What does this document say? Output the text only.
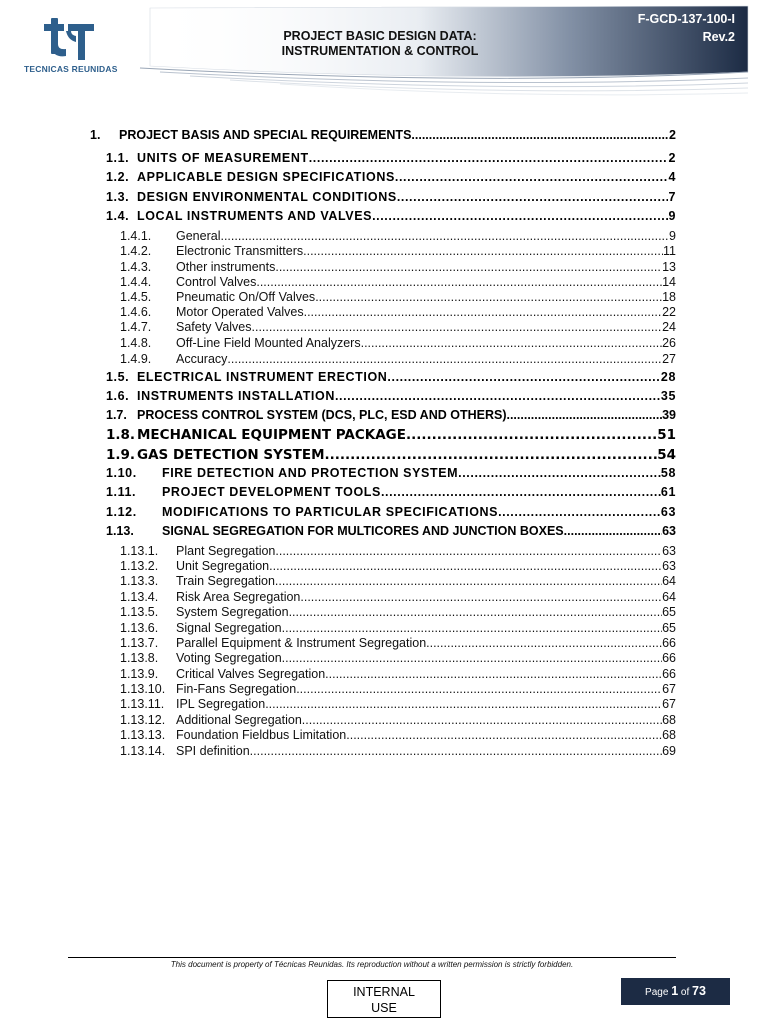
TECNICAS REUNIDAS
PROJECT BASIC DESIGN DATA:
INSTRUMENTATION & CONTROL
F-GCD-137-100-I
Rev.2
1.	PROJECT BASIS AND SPECIAL REQUIREMENTS .....	2
1.1. UNITS OF MEASUREMENT .....	2
1.2. APPLICABLE DESIGN SPECIFICATIONS .....	4
1.3. DESIGN ENVIRONMENTAL CONDITIONS .....	7
1.4. LOCAL INSTRUMENTS AND VALVES .....	9
1.4.1.	General .....	9
1.4.2.	Electronic Transmitters .....	11
1.4.3.	Other instruments .....	13
1.4.4.	Control Valves .....	14
1.4.5.	Pneumatic On/Off Valves .....	18
1.4.6.	Motor Operated Valves .....	22
1.4.7.	Safety Valves .....	24
1.4.8.	Off-Line Field Mounted Analyzers .....	26
1.4.9.	Accuracy .....	27
1.5. ELECTRICAL INSTRUMENT ERECTION .....	28
1.6. INSTRUMENTS INSTALLATION .....	35
1.7. PROCESS CONTROL SYSTEM (DCS, PLC, ESD AND OTHERS) .....	39
1.8. MECHANICAL EQUIPMENT PACKAGE .....	51
1.9. GAS DETECTION SYSTEM .....	54
1.10.	FIRE DETECTION AND PROTECTION SYSTEM .....	58
1.11.	PROJECT DEVELOPMENT TOOLS .....	61
1.12.	MODIFICATIONS TO PARTICULAR SPECIFICATIONS .....	63
1.13.	SIGNAL SEGREGATION FOR MULTICORES AND JUNCTION BOXES .....	63
1.13.1.	Plant Segregation .....	63
1.13.2.	Unit Segregation .....	63
1.13.3.	Train Segregation .....	64
1.13.4.	Risk Area Segregation .....	64
1.13.5.	System Segregation .....	65
1.13.6.	Signal Segregation .....	65
1.13.7.	Parallel Equipment & Instrument Segregation .....	66
1.13.8.	Voting Segregation .....	66
1.13.9.	Critical Valves Segregation .....	66
1.13.10. Fin-Fans Segregation .....	67
1.13.11. IPL Segregation .....	67
1.13.12. Additional Segregation .....	68
1.13.13. Foundation Fieldbus Limitation .....	68
1.13.14. SPI definition .....	69
This document is property of Técnicas Reunidas. Its reproduction without a written permission is strictly forbidden.
INTERNAL
USE
Page 1 of 73
